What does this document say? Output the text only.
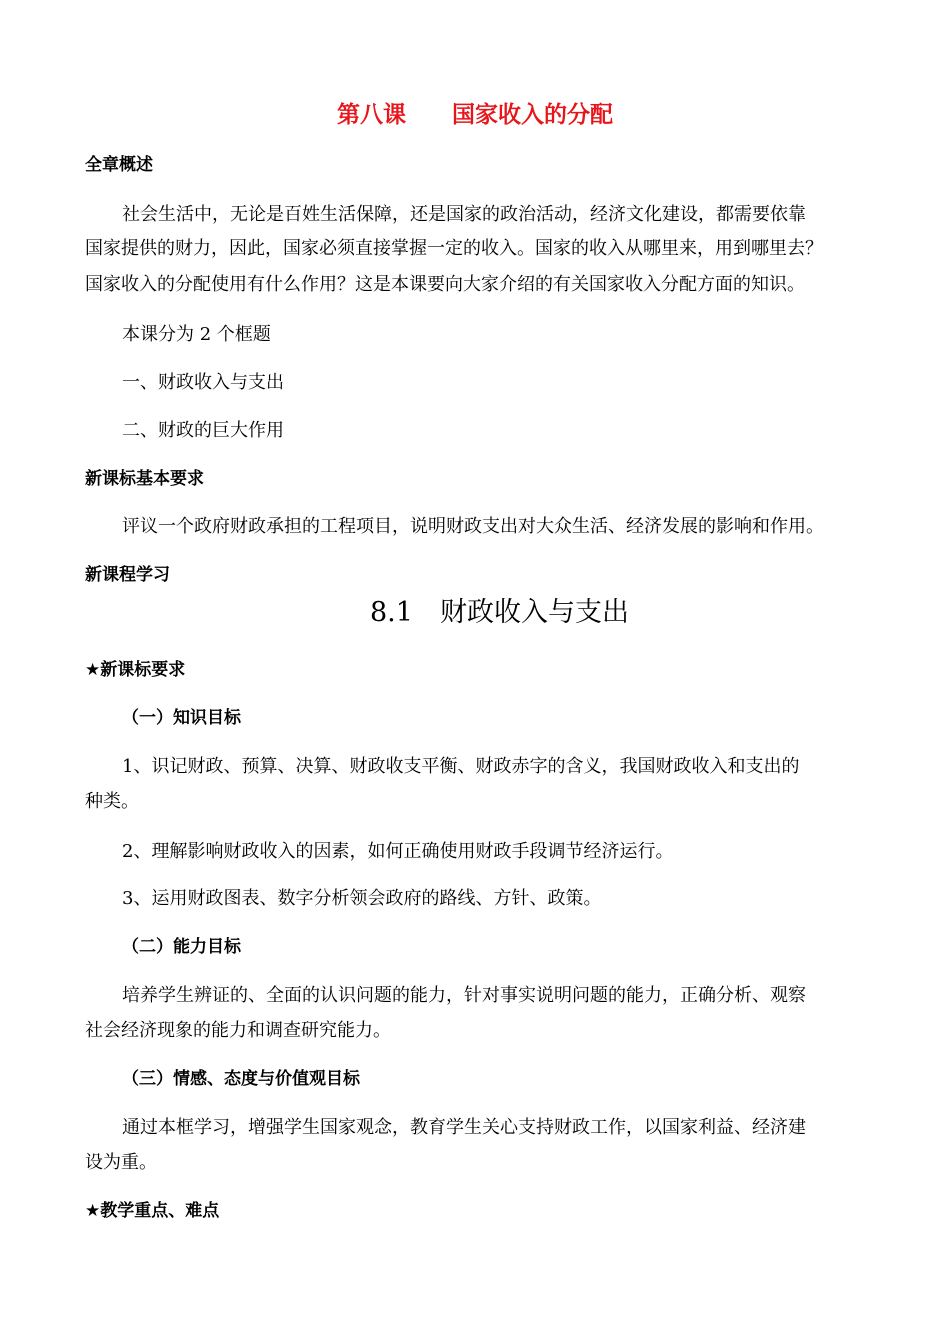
第八课　　国家收入的分配
全章概述
社会生活中，无论是百姓生活保障，还是国家的政治活动，经济文化建设，都需要依靠
国家提供的财力，因此，国家必须直接掌握一定的收入。国家的收入从哪里来，用到哪里去？
国家收入的分配使用有什么作用？这是本课要向大家介绍的有关国家收入分配方面的知识。
本课分为 2 个框题
一、财政收入与支出
二、财政的巨大作用
新课标基本要求
评议一个政府财政承担的工程项目，说明财政支出对大众生活、经济发展的影响和作用。
新课程学习
8.1　财政收入与支出
★新课标要求
（一）知识目标
1、识记财政、预算、决算、财政收支平衡、财政赤字的含义，我国财政收入和支出的
种类。
2、理解影响财政收入的因素，如何正确使用财政手段调节经济运行。
3、运用财政图表、数字分析领会政府的路线、方针、政策。
（二）能力目标
培养学生辨证的、全面的认识问题的能力，针对事实说明问题的能力，正确分析、观察
社会经济现象的能力和调查研究能力。
（三）情感、态度与价值观目标
通过本框学习，增强学生国家观念，教育学生关心支持财政工作，以国家利益、经济建
设为重。
★教学重点、难点
